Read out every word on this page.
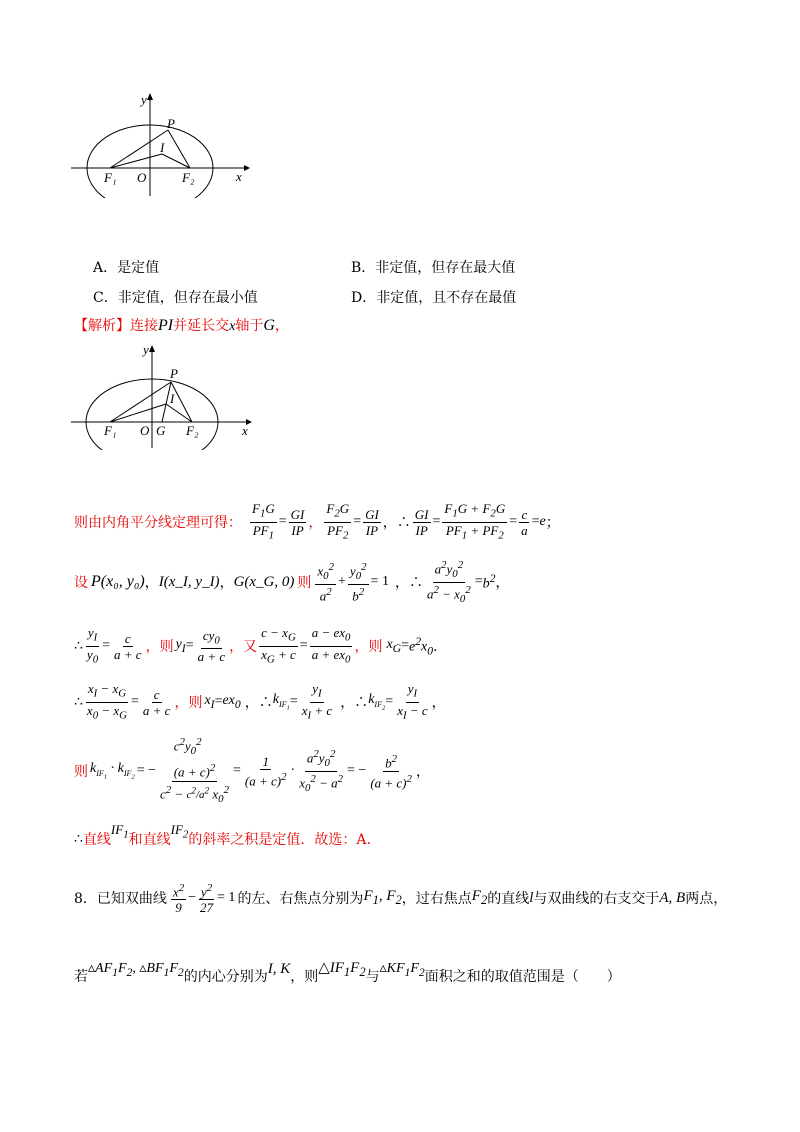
y
x
P
I
F₁ O	F₂
A．是定值	B．非定值，但存在最大值
C．非定值，但存在最小值	D．非定值，且不存在最值
【解析】连接PI并延长交x轴于G，
y
x
P
I
F₁ O G F₂
则由内角平分线定理可得： $\frac{F_1G}{PF_1} = \frac{GI}{IP}$ ， $\frac{F_2G}{PF_2} = \frac{GI}{IP}$ ，∴ $\frac{GI}{IP} = \frac{F_1G + F_2G}{PF_1 + PF_2} = \frac{c}{a} = e$ ；
设 P(x₀, y₀) ， I(x_I, y_I) ， G(x_G, 0) 则 $\frac{x_0^2}{a^2} + \frac{y_0^2}{b^2} = 1$ ，∴ $\frac{a^2y_0^2}{a^2 - x_0^2} = b^2$ ，
∴ $\frac{y_I}{y_0} = \frac{c}{a + c}$ ， 则 $y_I = \frac{cy_0}{a + c}$ ， 又 $\frac{c - x_G}{x_G + c} = \frac{a - ex_0}{a + ex_0}$ ， 则 $x_G = e^2x_0$ ．
∴ $\frac{x_I - x_G}{x_0 - x_G} = \frac{c}{a + c}$ ， 则 $x_I = ex_0$ ，∴ $k_{IF_1} = \frac{y_I}{x_I + c}$ ，∴ $k_{IF_2} = \frac{y_I}{x_I - c}$ ，
则 $k_{IF_1} \cdot k_{IF_2}$ = −
$c^2y_0^2$
$(a + c)^2$
$c^2 - c^2/a^2$ $x_0^2$
= $\frac{1}{(a + c)^2} \cdot \frac{a^2y_0^2}{x_0^2 - a^2}$ = − $\frac{b^2}{(a + c)^2}$ ，
∴ 直线
$IF_1$ 和直线
$IF_2$ 的斜率之积是定值．故选：A.
8．已知双曲线 $\frac{x^2}{9} - \frac{y^2}{27} = 1$ 的左、右焦点分别为 $F_1$, $F_2$ ，过右焦点 $F_2$ 的直线 l 与双曲线的右支交于 A, B 两点，
若
$▵AF_1F_2$, $▵BF_1F_2$ 的内心分别为
I, K
，则
$\triangle IF_1F_2$ 与
$▵KF_1F_2$ 面积之和的取值范围是（　　）
